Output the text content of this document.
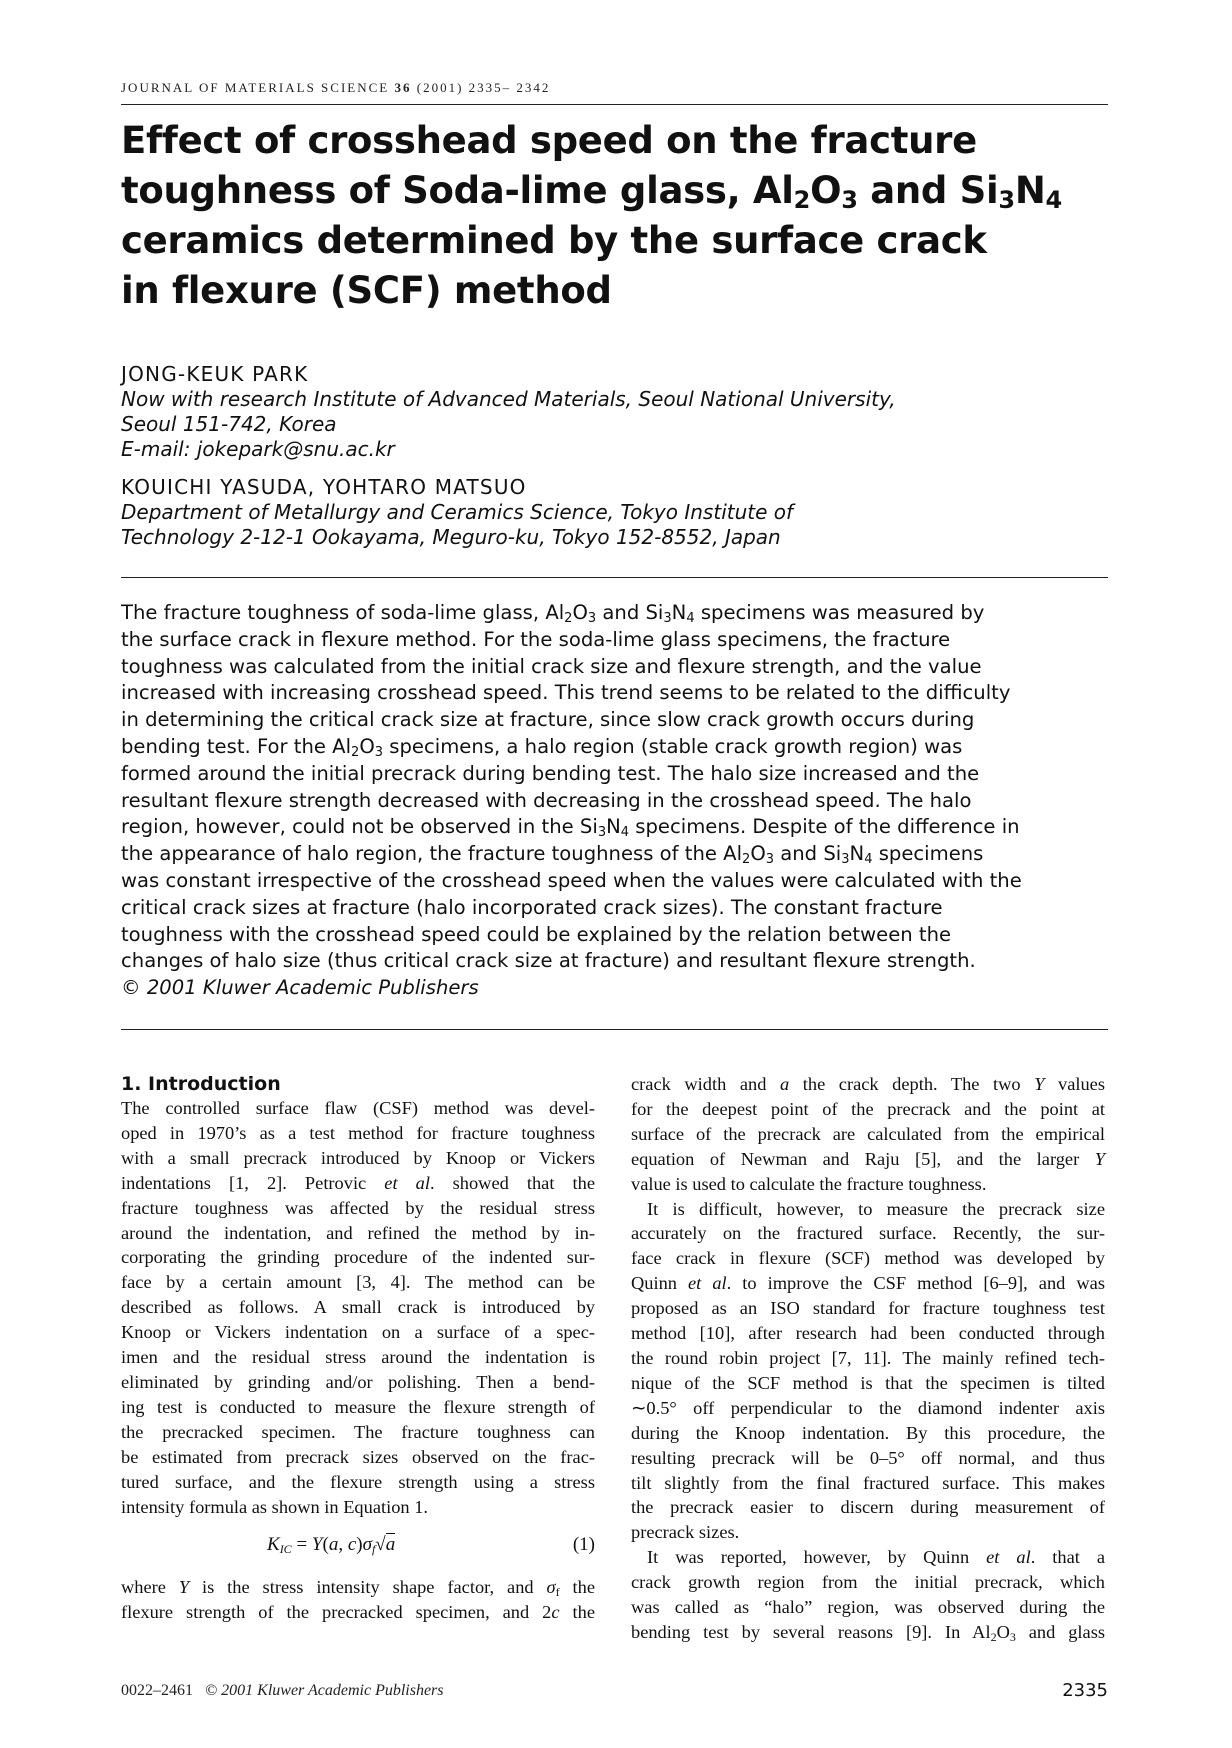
JOURNAL OF MATERIALS SCIENCE 36 (2001) 2335– 2342
Effect of crosshead speed on the fracture
toughness of Soda-lime glass, $Al_2O_3$ and $Si_3N_4$
ceramics determined by the surface crack
in flexure (SCF) method
JONG-KEUK PARK
Now with research Institute of Advanced Materials, Seoul National University,
Seoul 151-742, Korea
E-mail: jokepark@snu.ac.kr
KOUICHI YASUDA, YOHTARO MATSUO
Department of Metallurgy and Ceramics Science, Tokyo Institute of
Technology 2-12-1 Ookayama, Meguro-ku, Tokyo 152-8552, Japan
The fracture toughness of soda-lime glass, $Al_2O_3$ and $Si_3N_4$ specimens was measured by
the surface crack in flexure method. For the soda-lime glass specimens, the fracture
toughness was calculated from the initial crack size and flexure strength, and the value
increased with increasing crosshead speed. This trend seems to be related to the difficulty
in determining the critical crack size at fracture, since slow crack growth occurs during
bending test. For the $Al_2O_3$ specimens, a halo region (stable crack growth region) was
formed around the initial precrack during bending test. The halo size increased and the
resultant flexure strength decreased with decreasing in the crosshead speed. The halo
region, however, could not be observed in the $Si_3N_4$ specimens. Despite of the difference in
the appearance of halo region, the fracture toughness of the $Al_2O_3$ and $Si_3N_4$ specimens
was constant irrespective of the crosshead speed when the values were calculated with the
critical crack sizes at fracture (halo incorporated crack sizes). The constant fracture
toughness with the crosshead speed could be explained by the relation between the
changes of halo size (thus critical crack size at fracture) and resultant flexure strength.
© 2001 Kluwer Academic Publishers
1. Introduction
The controlled surface flaw (CSF) method was devel-
oped in 1970’s as a test method for fracture toughness
with a small precrack introduced by Knoop or Vickers
indentations [1, 2]. Petrovic et al. showed that the
fracture toughness was affected by the residual stress
around the indentation, and refined the method by in-
corporating the grinding procedure of the indented sur-
face by a certain amount [3, 4]. The method can be
described as follows. A small crack is introduced by
Knoop or Vickers indentation on a surface of a spec-
imen and the residual stress around the indentation is
eliminated by grinding and/or polishing. Then a bend-
ing test is conducted to measure the flexure strength of
the precracked specimen. The fracture toughness can
be estimated from precrack sizes observed on the frac-
tured surface, and the flexure strength using a stress
intensity formula as shown in Equation 1.
$K_{IC} = Y(a$, $c)\sigma_f√a$	(1)
where Y is the stress intensity shape factor, and $\sigma_f$ the
flexure strength of the precracked specimen, and 2c the
crack width and a the crack depth. The two Y values
for the deepest point of the precrack and the point at
surface of the precrack are calculated from the empirical
equation of Newman and Raju [5], and the larger Y
value is used to calculate the fracture toughness.
It is difficult, however, to measure the precrack size
accurately on the fractured surface. Recently, the sur-
face crack in flexure (SCF) method was developed by
Quinn et al. to improve the CSF method [6–9], and was
proposed as an ISO standard for fracture toughness test
method [10], after research had been conducted through
the round robin project [7, 11]. The mainly refined tech-
nique of the SCF method is that the specimen is tilted
∼0.5° off perpendicular to the diamond indenter axis
during the Knoop indentation. By this procedure, the
resulting precrack will be 0–5° off normal, and thus
tilt slightly from the final fractured surface. This makes
the precrack easier to discern during measurement of
precrack sizes.
It was reported, however, by Quinn et al. that a
crack growth region from the initial precrack, which
was called as “halo” region, was observed during the
bending test by several reasons [9]. In $Al_2O_3$ and glass
0022–2461 © 2001 Kluwer Academic Publishers	2335
